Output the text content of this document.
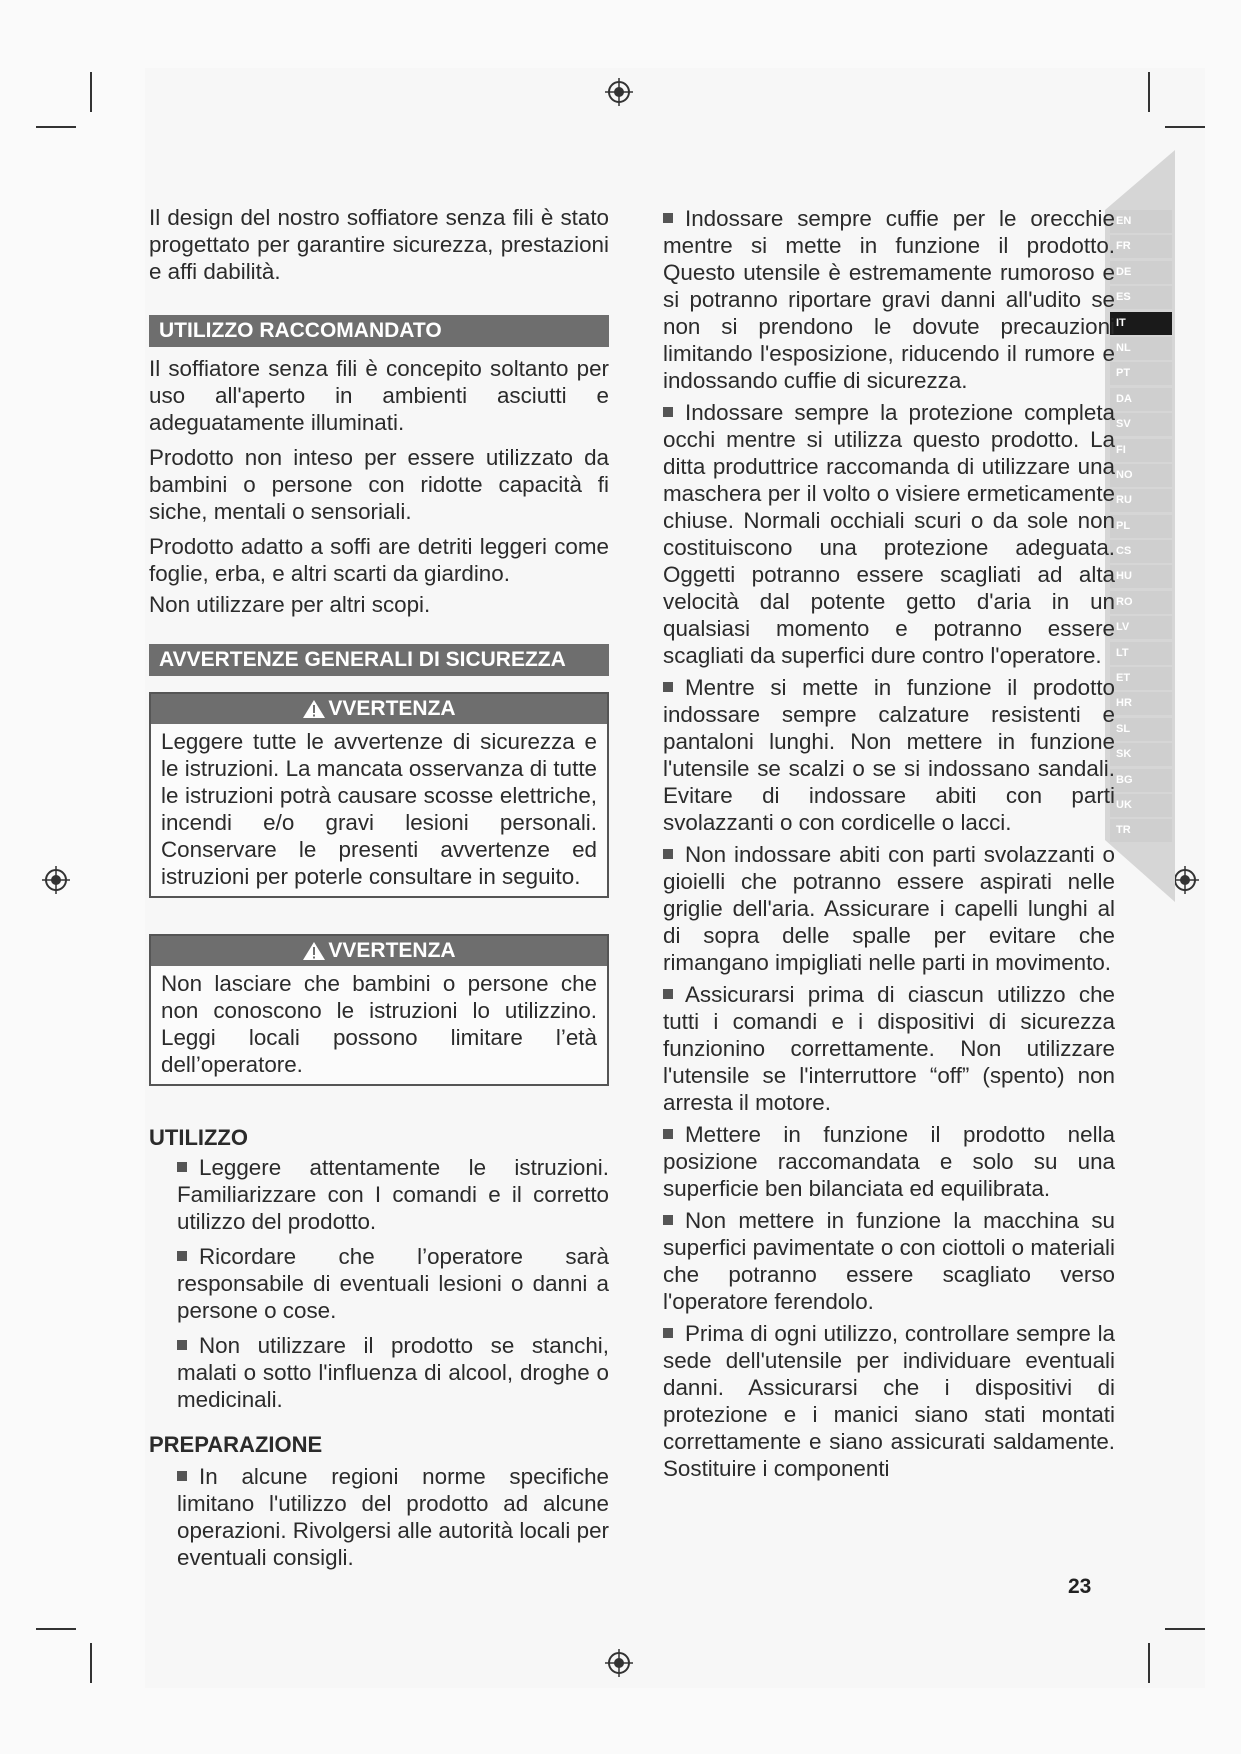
EN
FR
DE
ES
IT
NL
PT
DA
SV
FI
NO
RU
PL
CS
HU
RO
LV
LT
ET
HR
SL
SK
BG
UK
TR

Il design del nostro soffiatore senza fili è stato progettato per garantire sicurezza, prestazioni e affi dabilità.

UTILIZZO RACCOMANDATO

Il soffiatore senza fili è concepito soltanto per uso all'aperto in ambienti asciutti e adeguatamente illuminati.

Prodotto non inteso per essere utilizzato da bambini o persone con ridotte capacità fi siche, mentali o sensoriali.

Prodotto adatto a soffi are detriti leggeri come foglie, erba, e altri scarti da giardino.

Non utilizzare per altri scopi.

AVVERTENZE GENERALI DI SICUREZZA
VVERTENZA

Leggere tutte le avvertenze di sicurezza e le istruzioni. La mancata osservanza di tutte le istruzioni potrà causare scosse elettriche, incendi e/o gravi lesioni personali. Conservare le presenti avvertenze ed istruzioni per poterle consultare in seguito.

VVERTENZA

Non lasciare che bambini o persone che non conoscono le istruzioni lo utilizzino. Leggi locali possono limitare l’età dell’operatore.

UTILIZZO

Leggere attentamente le istruzioni. Familiarizzare con I comandi e il corretto utilizzo del prodotto.

Ricordare che l’operatore sarà responsabile di eventuali lesioni o danni a persone o cose.

Non utilizzare il prodotto se stanchi, malati o sotto l'influenza di alcool, droghe o medicinali.

PREPARAZIONE

In alcune regioni norme specifiche limitano l'utilizzo del prodotto ad alcune operazioni. Rivolgersi alle autorità locali per eventuali consigli.

Indossare sempre cuffie per le orecchie mentre si mette in funzione il prodotto. Questo utensile è estremamente rumoroso e si potranno riportare gravi danni all'udito se non si prendono le dovute precauzioni limitando l'esposizione, riducendo il rumore e indossando cuffie di sicurezza.

Indossare sempre la protezione completa occhi mentre si utilizza questo prodotto. La ditta produttrice raccomanda di utilizzare una maschera per il volto o visiere ermeticamente chiuse. Normali occhiali scuri o da sole non costituiscono una protezione adeguata. Oggetti potranno essere scagliati ad alta velocità dal potente getto d'aria in un qualsiasi momento e potranno essere scagliati da superfici dure contro l'operatore.

Mentre si mette in funzione il prodotto indossare sempre calzature resistenti e pantaloni lunghi. Non mettere in funzione l'utensile se scalzi o se si indossano sandali. Evitare di indossare abiti con parti svolazzanti o con cordicelle o lacci.

Non indossare abiti con parti svolazzanti o gioielli che potranno essere aspirati nelle griglie dell'aria. Assicurare i capelli lunghi al di sopra delle spalle per evitare che rimangano impigliati nelle parti in movimento.

Assicurarsi prima di ciascun utilizzo che tutti i comandi e i dispositivi di sicurezza funzionino correttamente. Non utilizzare l'utensile se l'interruttore “off” (spento) non arresta il motore.

Mettere in funzione il prodotto nella posizione raccomandata e solo su una superficie ben bilanciata ed equilibrata.

Non mettere in funzione la macchina su superfici pavimentate o con ciottoli o materiali che potranno essere scagliato verso l'operatore ferendolo.

Prima di ogni utilizzo, controllare sempre la sede dell'utensile per individuare eventuali danni. Assicurarsi che i dispositivi di protezione e i manici siano stati montati correttamente e siano assicurati saldamente. Sostituire i componenti

23
